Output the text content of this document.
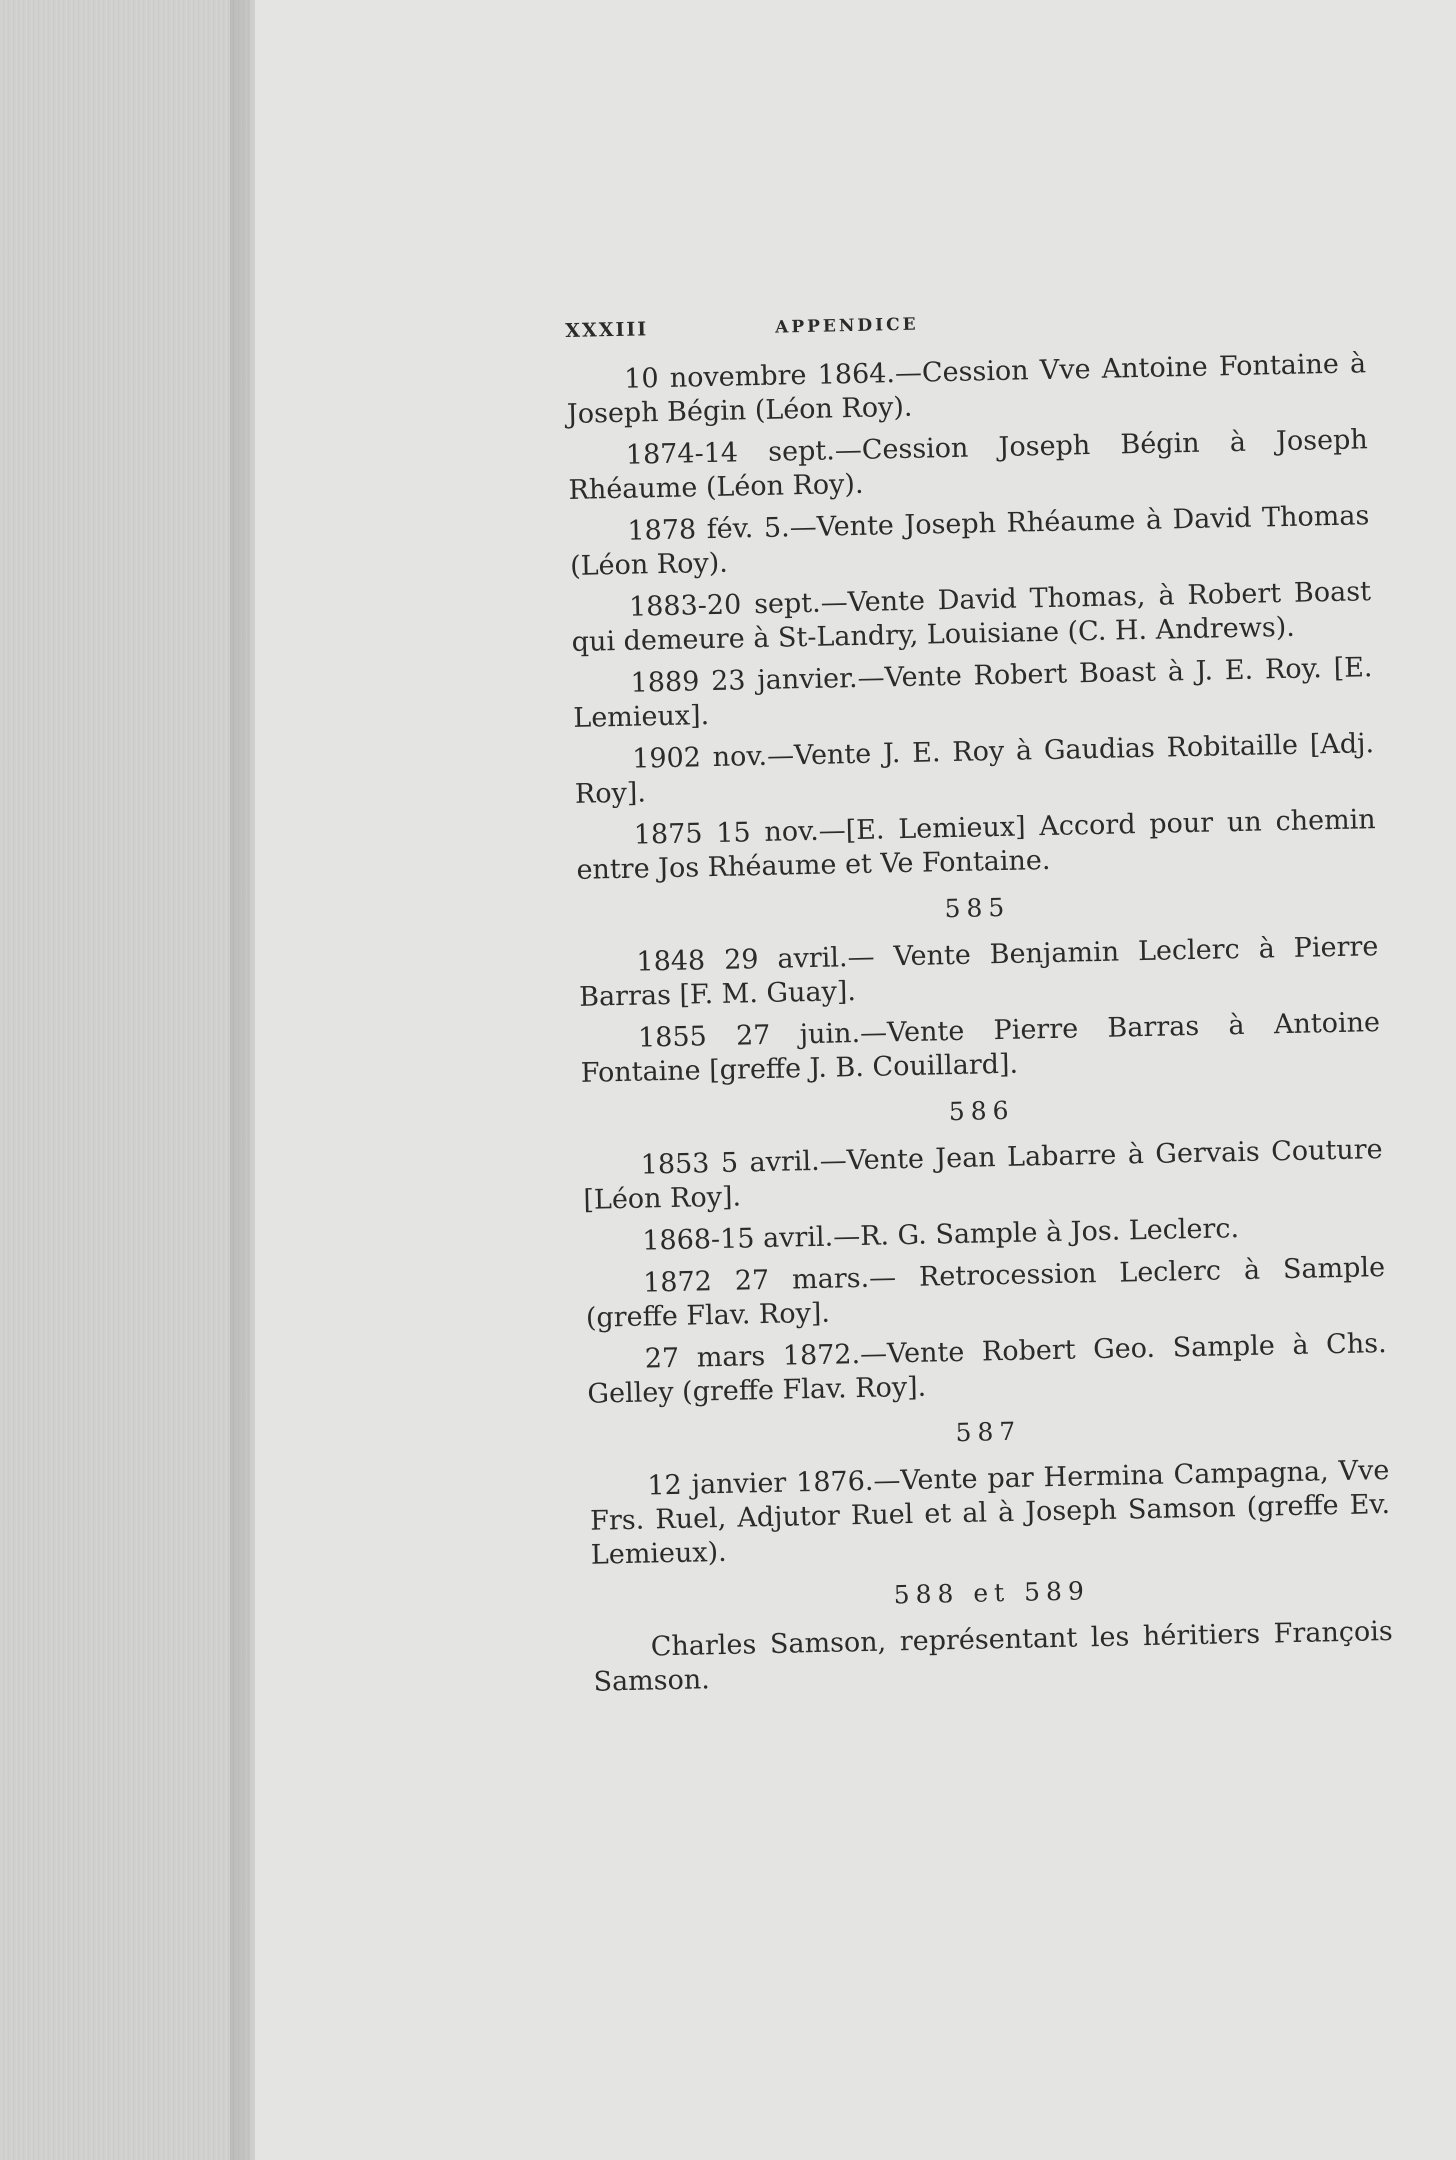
XXXIII	APPENDICE

10 novembre 1864.—Cession Vve Antoine Fontaine à Joseph Bégin (Léon Roy).

1874-14 sept.—Cession Joseph Bégin à Joseph Rhéaume (Léon Roy).

1878 fév. 5.—Vente Joseph Rhéaume à David Thomas (Léon Roy).

1883-20 sept.—Vente David Thomas, à Robert Boast qui demeure à St-Landry, Louisiane (C. H. Andrews).

1889 23 janvier.—Vente Robert Boast à J. E. Roy. [E. Lemieux].

1902 nov.—Vente J. E. Roy à Gaudias Robitaille [Adj. Roy].

1875 15 nov.—[E. Lemieux] Accord pour un chemin entre Jos Rhéaume et Ve Fontaine.

585

1848 29 avril.— Vente Benjamin Leclerc à Pierre Barras [F. M. Guay].

1855 27 juin.—Vente Pierre Barras à Antoine Fontaine [greffe J. B. Couillard].

586

1853 5 avril.—Vente Jean Labarre à Gervais Couture [Léon Roy].

1868-15 avril.—R. G. Sample à Jos. Leclerc.

1872 27 mars.— Retrocession Leclerc à Sample (greffe Flav. Roy].

27 mars 1872.—Vente Robert Geo. Sample à Chs. Gelley (greffe Flav. Roy].

587

12 janvier 1876.—Vente par Hermina Campagna, Vve Frs. Ruel, Adjutor Ruel et al à Joseph Samson (greffe Ev. Lemieux).

588 et 589

Charles Samson, représentant les héritiers François Samson.
